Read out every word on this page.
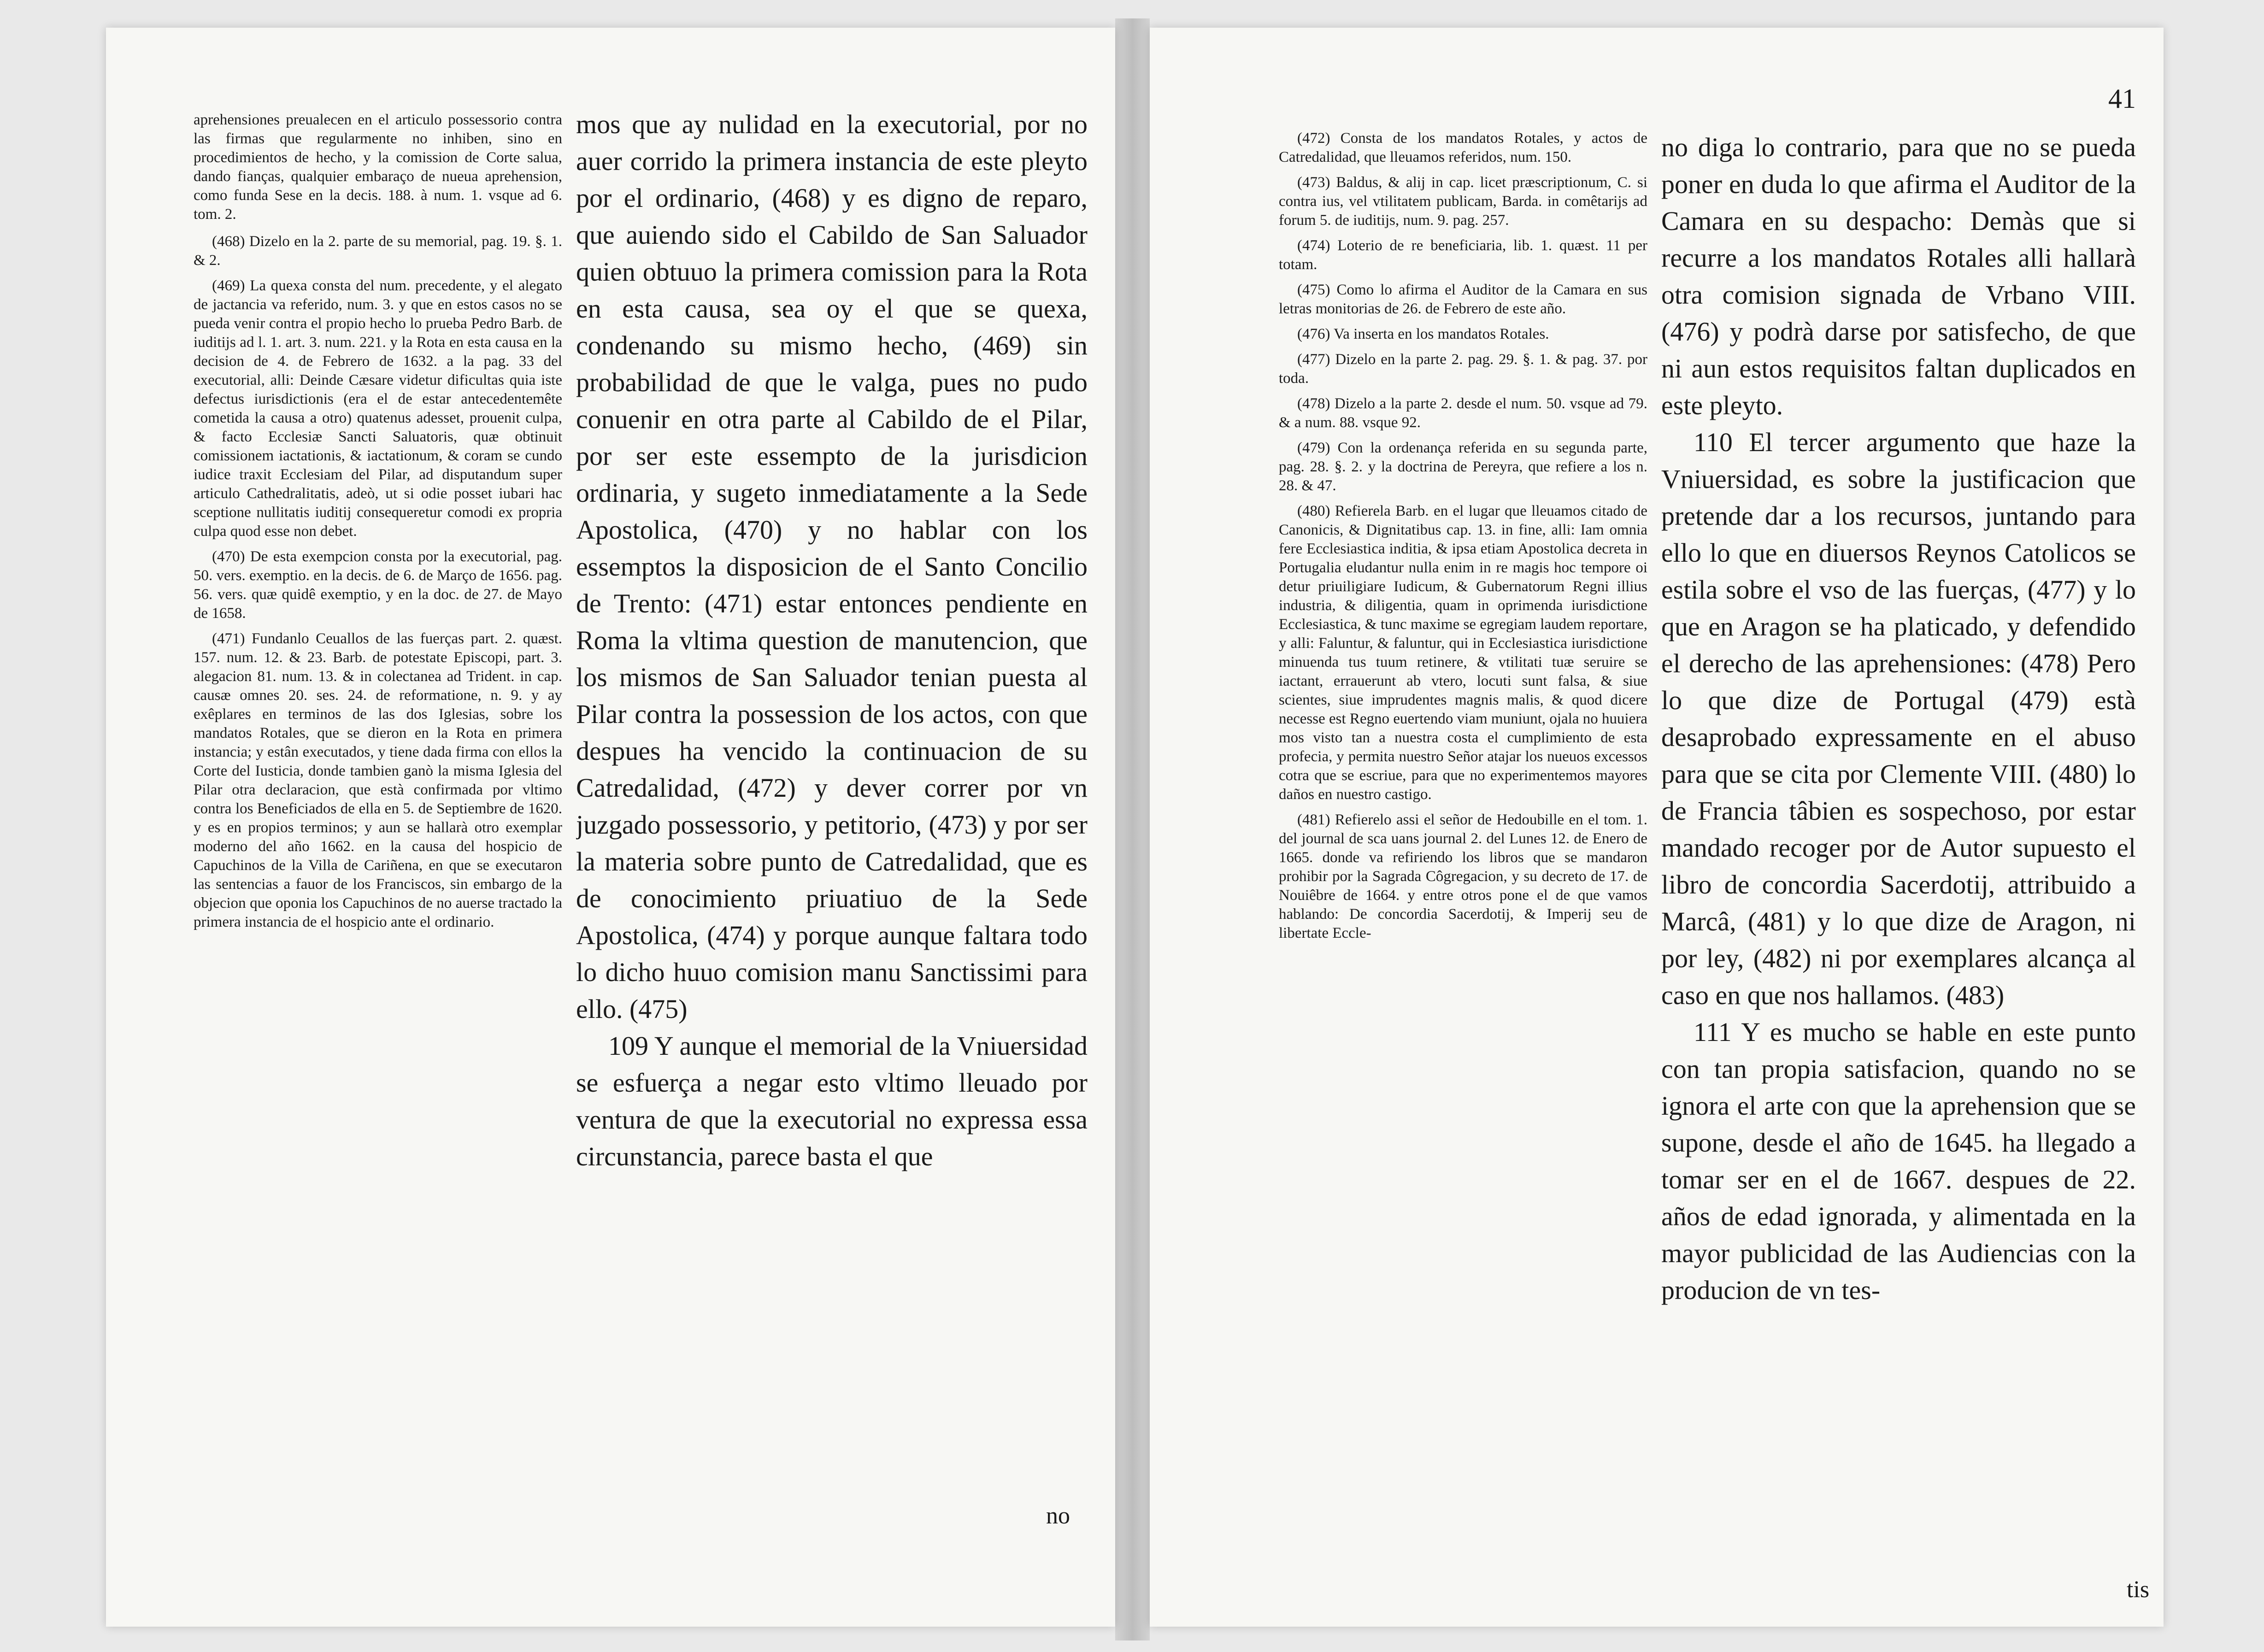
aprehensiones preualecen en el articulo possessorio contra las firmas que regularmente no inhiben, sino en procedimientos de hecho, y la comission de Corte salua, dando fianças, qualquier embaraço de nueua aprehension, como funda Sese en la decis. 188. à num. 1. vsque ad 6. tom. 2.

(468) Dizelo en la 2. parte de su memorial, pag. 19. §. 1. & 2.

(469) La quexa consta del num. precedente, y el alegato de jactancia va referido, num. 3. y que en estos casos no se pueda venir contra el propio hecho lo prueba Pedro Barb. de iuditijs ad l. 1. art. 3. num. 221. y la Rota en esta causa en la decision de 4. de Febrero de 1632. a la pag. 33 del executorial, alli: Deinde Cæsare videtur dificultas quia iste defectus iurisdictionis (era el de estar antecedentemête cometida la causa a otro) quatenus adesset, prouenit culpa, & facto Ecclesiæ Sancti Saluatoris, quæ obtinuit comissionem iactationis, & iactationum, & coram se cundo iudice traxit Ecclesiam del Pilar, ad disputandum super articulo Cathedralitatis, adeò, ut si odie posset iubari hac sceptione nullitatis iuditij consequeretur comodi ex propria culpa quod esse non debet.

(470) De esta exempcion consta por la executorial, pag. 50. vers. exemptio. en la decis. de 6. de Março de 1656. pag. 56. vers. quæ quidê exemptio, y en la doc. de 27. de Mayo de 1658.

(471) Fundanlo Ceuallos de las fuerças part. 2. quæst. 157. num. 12. & 23. Barb. de potestate Episcopi, part. 3. alegacion 81. num. 13. & in colectanea ad Trident. in cap. causæ omnes 20. ses. 24. de reformatione, n. 9. y ay exêplares en terminos de las dos Iglesias, sobre los mandatos Rotales, que se dieron en la Rota en primera instancia; y estân executados, y tiene dada firma con ellos la Corte del Iusticia, donde tambien ganò la misma Iglesia del Pilar otra declaracion, que està confirmada por vltimo contra los Beneficiados de ella en 5. de Septiembre de 1620. y es en propios terminos; y aun se hallarà otro exemplar moderno del año 1662. en la causa del hospicio de Capuchinos de la Villa de Cariñena, en que se executaron las sentencias a fauor de los Franciscos, sin embargo de la objecion que oponia los Capuchinos de no auerse tractado la primera instancia de el hospicio ante el ordinario.

mos que ay nulidad en la executorial, por no auer corrido la primera instancia de este pleyto por el ordinario, (468) y es digno de reparo, que auiendo sido el Cabildo de San Saluador quien obtuuo la primera comission para la Rota en esta causa, sea oy el que se quexa, condenando su mismo hecho, (469) sin probabilidad de que le valga, pues no pudo conuenir en otra parte al Cabildo de el Pilar, por ser este essempto de la jurisdicion ordinaria, y sugeto inmediatamente a la Sede Apostolica, (470) y no hablar con los essemptos la disposicion de el Santo Concilio de Trento: (471) estar entonces pendiente en Roma la vltima question de manutencion, que los mismos de San Saluador tenian puesta al Pilar contra la possession de los actos, con que despues ha vencido la continuacion de su Catredalidad, (472) y dever correr por vn juzgado possessorio, y petitorio, (473) y por ser la materia sobre punto de Catredalidad, que es de conocimiento priuatiuo de la Sede Apostolica, (474) y porque aunque faltara todo lo dicho huuo comision manu Sanctissimi para ello. (475)

109 Y aunque el memorial de la Vniuersidad se esfuerça a negar esto vltimo lleuado por ventura de que la executorial no expressa essa circunstancia, parece basta el que

no
41

(472) Consta de los mandatos Rotales, y actos de Catredalidad, que lleuamos referidos, num. 150.

(473) Baldus, & alij in cap. licet præscriptionum, C. si contra ius, vel vtilitatem publicam, Barda. in comêtarijs ad forum 5. de iuditijs, num. 9. pag. 257.

(474) Loterio de re beneficiaria, lib. 1. quæst. 11 per totam.

(475) Como lo afirma el Auditor de la Camara en sus letras monitorias de 26. de Febrero de este año.

(476) Va inserta en los mandatos Rotales.

(477) Dizelo en la parte 2. pag. 29. §. 1. & pag. 37. por toda.

(478) Dizelo a la parte 2. desde el num. 50. vsque ad 79. & a num. 88. vsque 92.

(479) Con la ordenança referida en su segunda parte, pag. 28. §. 2. y la doctrina de Pereyra, que refiere a los n. 28. & 47.

(480) Refierela Barb. en el lugar que lleuamos citado de Canonicis, & Dignitatibus cap. 13. in fine, alli: Iam omnia fere Ecclesiastica inditia, & ipsa etiam Apostolica decreta in Portugalia eludantur nulla enim in re magis hoc tempore oi detur priuiligiare Iudicum, & Gubernatorum Regni illius industria, & diligentia, quam in oprimenda iurisdictione Ecclesiastica, & tunc maxime se egregiam laudem reportare, y alli: Faluntur, & faluntur, qui in Ecclesiastica iurisdictione minuenda tus tuum retinere, & vtilitati tuæ seruire se iactant, errauerunt ab vtero, locuti sunt falsa, & siue scientes, siue imprudentes magnis malis, & quod dicere necesse est Regno euertendo viam muniunt, ojala no huuiera mos visto tan a nuestra costa el cumplimiento de esta profecia, y permita nuestro Señor atajar los nueuos excessos cotra que se escriue, para que no experimentemos mayores daños en nuestro castigo.

(481) Refierelo assi el señor de Hedoubille en el tom. 1. del journal de sca uans journal 2. del Lunes 12. de Enero de 1665. donde va refiriendo los libros que se mandaron prohibir por la Sagrada Côgregacion, y su decreto de 17. de Nouiêbre de 1664. y entre otros pone el de que vamos hablando: De concordia Sacerdotij, & Imperij seu de libertate Eccle-

no diga lo contrario, para que no se pueda poner en duda lo que afirma el Auditor de la Camara en su despacho: Demàs que si recurre a los mandatos Rotales alli hallarà otra comision signada de Vrbano VIII. (476) y podrà darse por satisfecho, de que ni aun estos requisitos faltan duplicados en este pleyto.

110 El tercer argumento que haze la Vniuersidad, es sobre la justificacion que pretende dar a los recursos, juntando para ello lo que en diuersos Reynos Catolicos se estila sobre el vso de las fuerças, (477) y lo que en Aragon se ha platicado, y defendido el derecho de las aprehensiones: (478) Pero lo que dize de Portugal (479) està desaprobado expressamente en el abuso para que se cita por Clemente VIII. (480) lo de Francia tâbien es sospechoso, por estar mandado recoger por de Autor supuesto el libro de concordia Sacerdotij, attribuido a Marcâ, (481) y lo que dize de Aragon, ni por ley, (482) ni por exemplares alcança al caso en que nos hallamos. (483)

111 Y es mucho se hable en este punto con tan propia satisfacion, quando no se ignora el arte con que la aprehension que se supone, desde el año de 1645. ha llegado a tomar ser en el de 1667. despues de 22. años de edad ignorada, y alimentada en la mayor publicidad de las Audiencias con la producion de vn tes-

tis
